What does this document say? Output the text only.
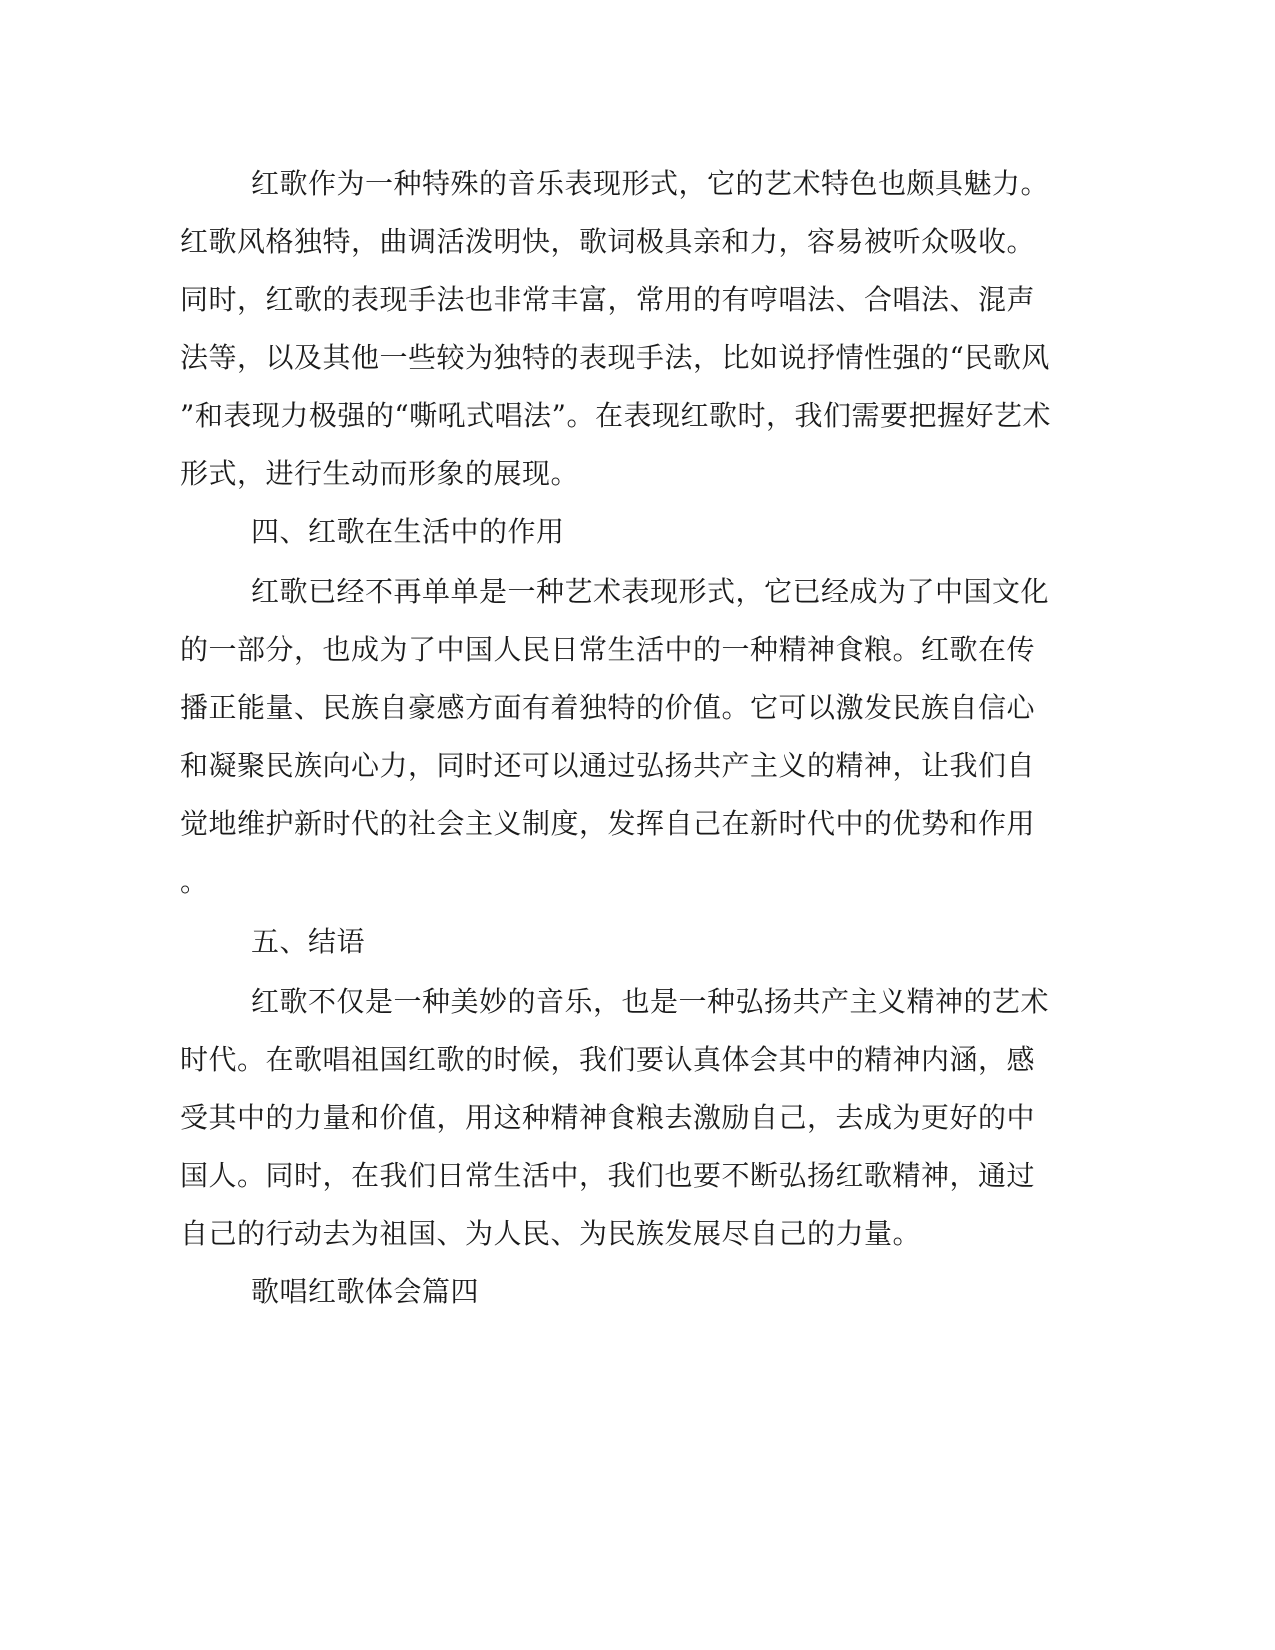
红歌作为一种特殊的音乐表现形式，它的艺术特色也颇具魅力。

红歌风格独特，曲调活泼明快，歌词极具亲和力，容易被听众吸收。

同时，红歌的表现手法也非常丰富，常用的有哼唱法、合唱法、混声

法等，以及其他一些较为独特的表现手法，比如说抒情性强的“民歌风

”和表现力极强的“嘶吼式唱法”。在表现红歌时，我们需要把握好艺术

形式，进行生动而形象的展现。

四、红歌在生活中的作用

红歌已经不再单单是一种艺术表现形式，它已经成为了中国文化

的一部分，也成为了中国人民日常生活中的一种精神食粮。红歌在传

播正能量、民族自豪感方面有着独特的价值。它可以激发民族自信心

和凝聚民族向心力，同时还可以通过弘扬共产主义的精神，让我们自

觉地维护新时代的社会主义制度，发挥自己在新时代中的优势和作用

。

五、结语

红歌不仅是一种美妙的音乐，也是一种弘扬共产主义精神的艺术

时代。在歌唱祖国红歌的时候，我们要认真体会其中的精神内涵，感

受其中的力量和价值，用这种精神食粮去激励自己，去成为更好的中

国人。同时，在我们日常生活中，我们也要不断弘扬红歌精神，通过

自己的行动去为祖国、为人民、为民族发展尽自己的力量。

歌唱红歌体会篇四
